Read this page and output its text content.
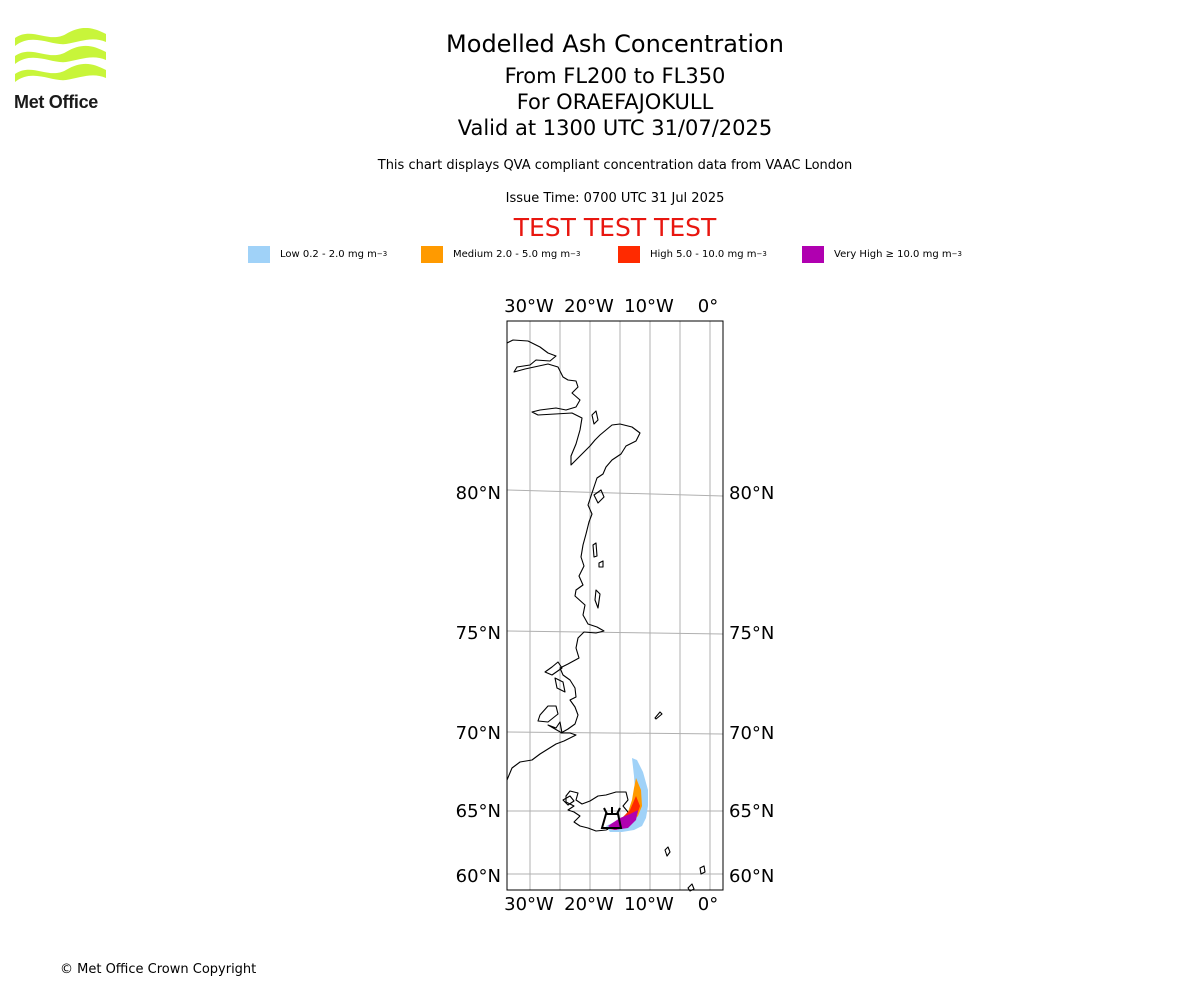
Met Office
Modelled Ash Concentration
From FL200 to FL350
For ORAEFAJOKULL
Valid at 1300 UTC 31/07/2025
This chart displays QVA compliant concentration data from VAAC London
Issue Time: 0700 UTC 31 Jul 2025
TEST TEST TEST
Low 0.2 - 2.0 mg m −3	Medium 2.0 - 5.0 mg m −3	High 5.0 - 10.0 mg m −3	Very High ≥ 10.0 mg m −3
30°W 20°W 10°W 0°
30°W 20°W 10°W 0°
80°N
75°N
70°N
65°N
60°N
80°N
75°N
70°N
65°N
60°N
© Met Office Crown Copyright
